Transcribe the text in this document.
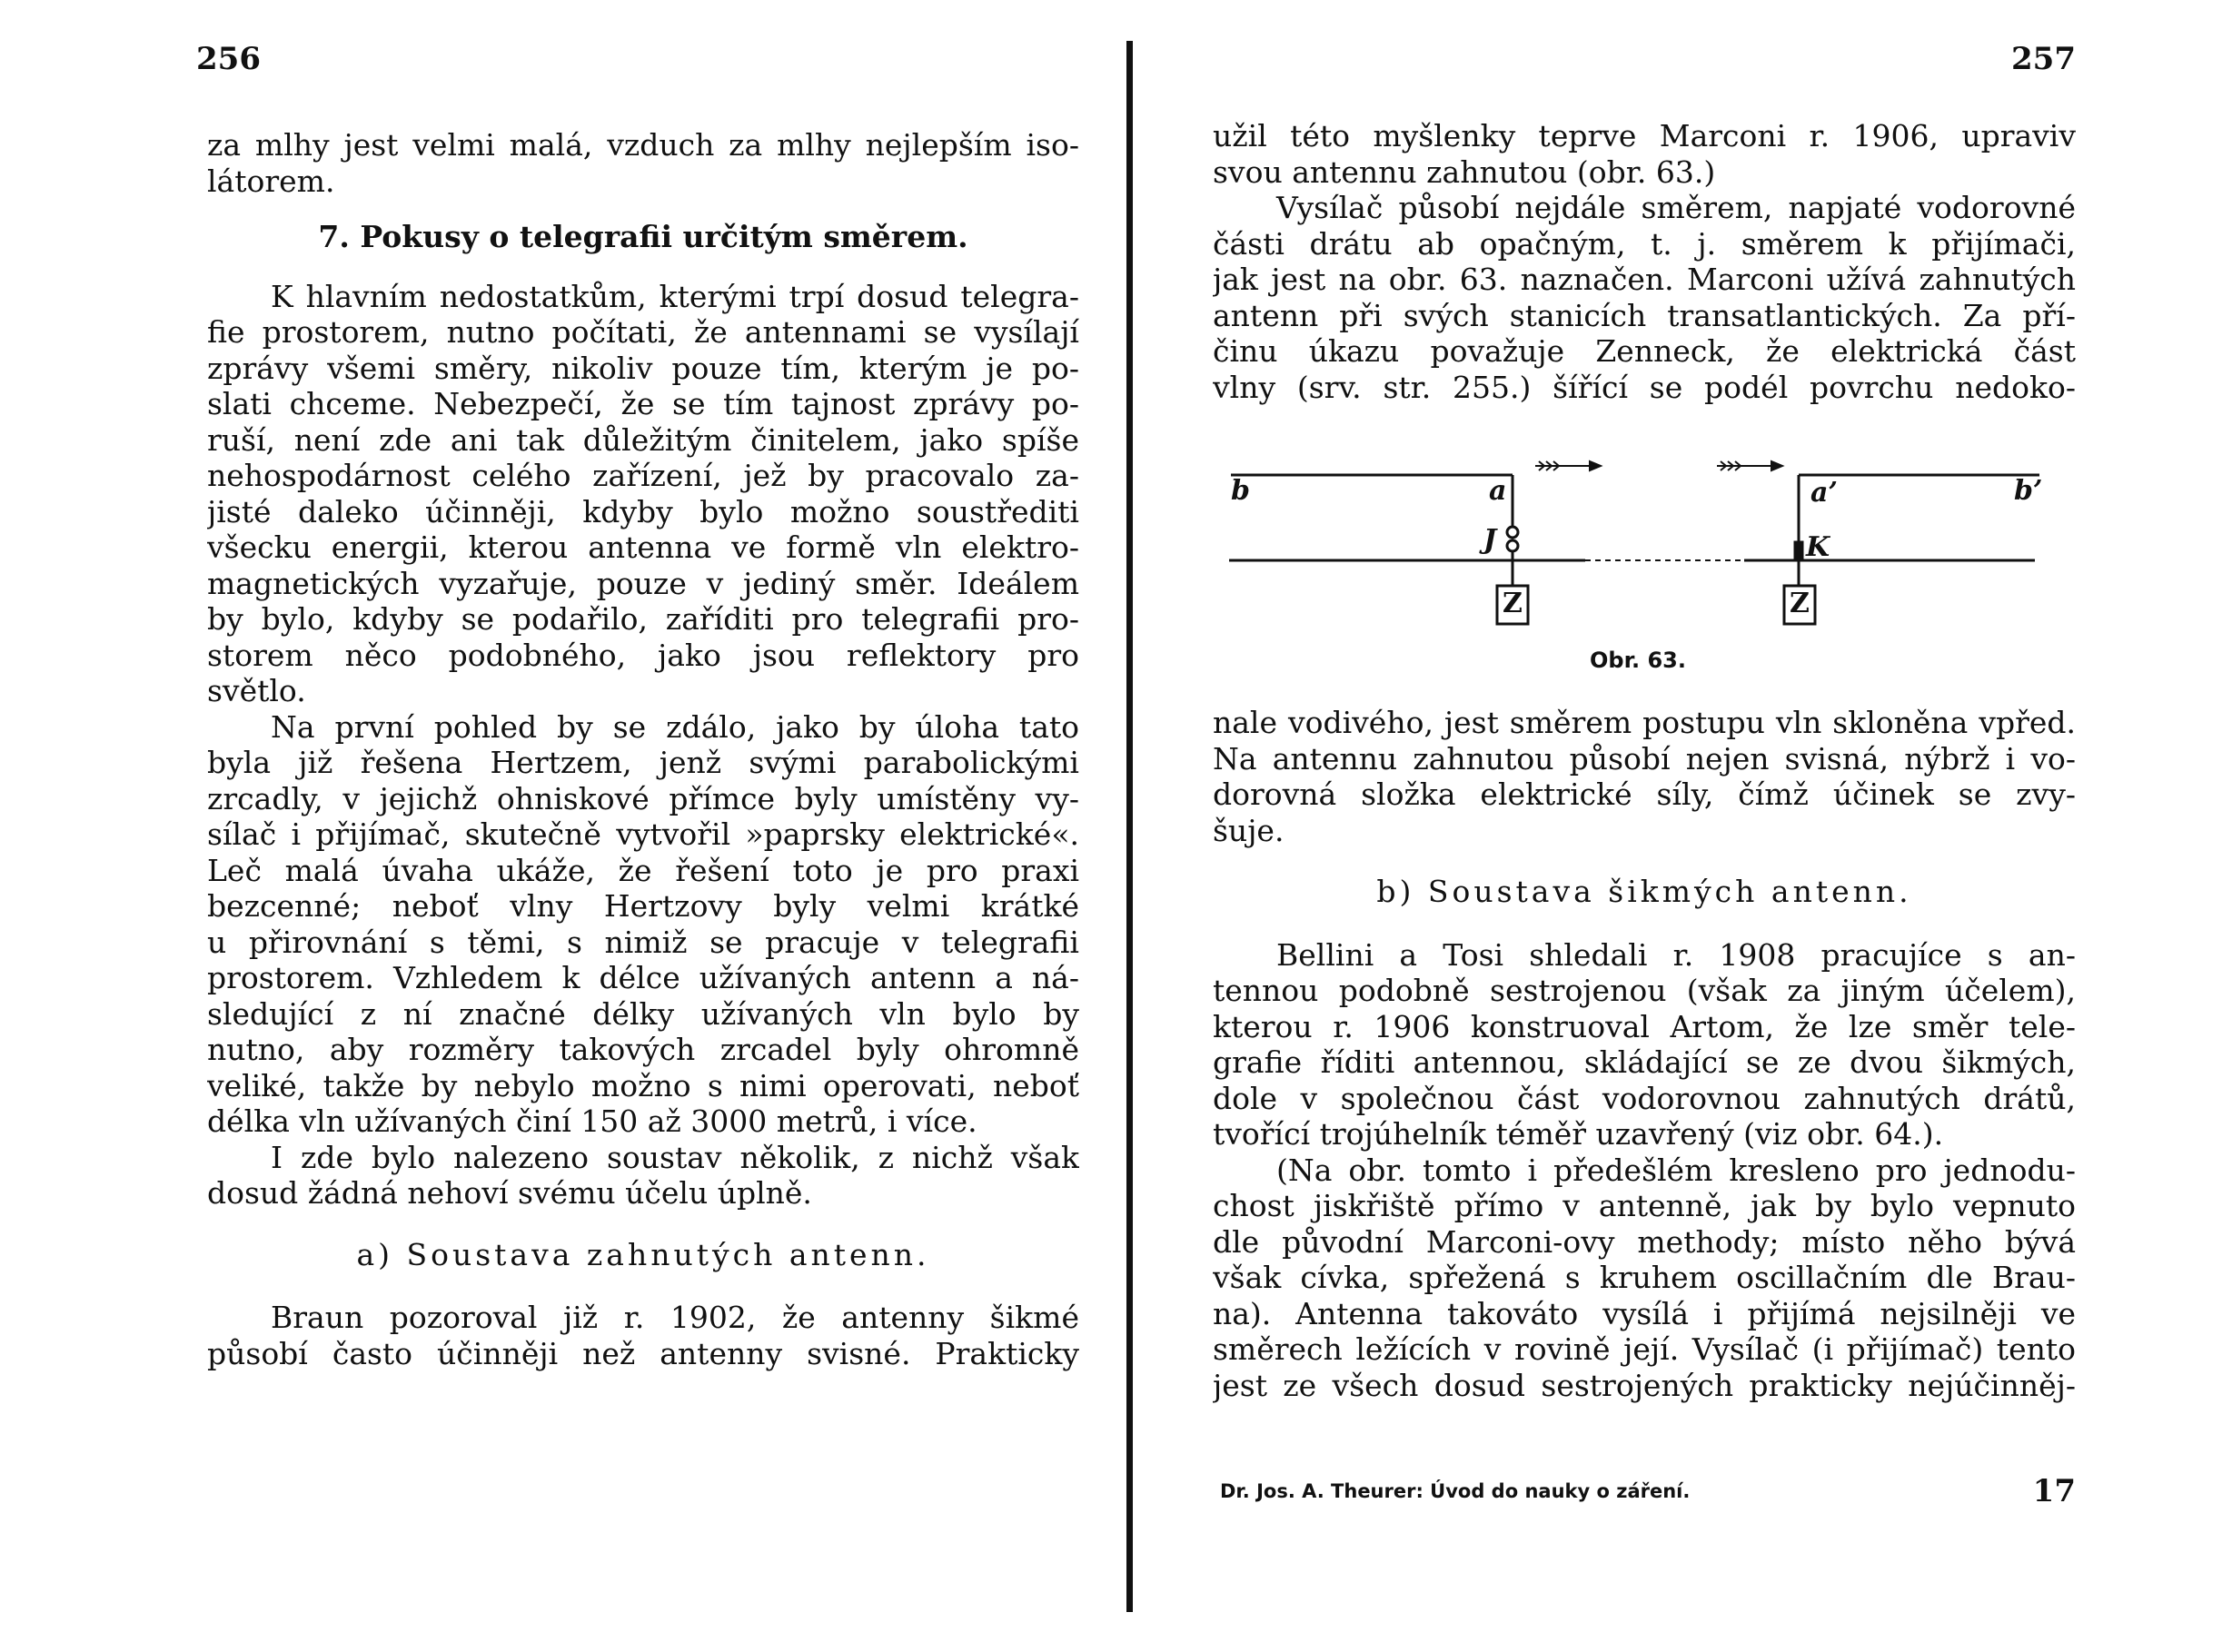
256
za mlhy jest velmi malá, vzduch za mlhy nejlepším iso-
látorem.
7. Pokusy o telegrafii určitým směrem.
K hlavním nedostatkům, kterými trpí dosud telegra-
fie prostorem, nutno počítati, že antennami se vysílají
zprávy všemi směry, nikoliv pouze tím, kterým je po-
slati chceme. Nebezpečí, že se tím tajnost zprávy po-
ruší, není zde ani tak důležitým činitelem, jako spíše
nehospodárnost celého zařízení, jež by pracovalo za-
jisté daleko účinněji, kdyby bylo možno soustřediti
všecku energii, kterou antenna ve formě vln elektro-
magnetických vyzařuje, pouze v jediný směr. Ideálem
by bylo, kdyby se podařilo, zaříditi pro telegrafii pro-
storem něco podobného, jako jsou reflektory pro
světlo.
Na první pohled by se zdálo, jako by úloha tato
byla již řešena Hertzem, jenž svými parabolickými
zrcadly, v jejichž ohniskové přímce byly umístěny vy-
sílač i přijímač, skutečně vytvořil »paprsky elektrické«.
Leč malá úvaha ukáže, že řešení toto je pro praxi
bezcenné; neboť vlny Hertzovy byly velmi krátké
u přirovnání s těmi, s nimiž se pracuje v telegrafii
prostorem. Vzhledem k délce užívaných antenn a ná-
sledující z ní značné délky užívaných vln bylo by
nutno, aby rozměry takových zrcadel byly ohromně
veliké, takže by nebylo možno s nimi operovati, neboť
délka vln užívaných činí 150 až 3000 metrů, i více.
I zde bylo nalezeno soustav několik, z nichž však
dosud žádná nehoví svému účelu úplně.
a) Soustava zahnutých antenn.
Braun pozoroval již r. 1902, že antenny šikmé
působí často účinněji než antenny svisné. Prakticky
257
užil této myšlenky teprve Marconi r. 1906, upraviv
svou antennu zahnutou (obr. 63.)
Vysílač působí nejdále směrem, napjaté vodorovné
části drátu ab opačným, t. j. směrem k přijímači,
jak jest na obr. 63. naznačen. Marconi užívá zahnutých
antenn při svých stanicích transatlantických. Za pří-
činu úkazu považuje Zenneck, že elektrická část
vlny (srv. str. 255.) šířící se podél povrchu nedoko-
nale vodivého, jest směrem postupu vln skloněna vpřed.
Na antennu zahnutou působí nejen svisná, nýbrž i vo-
dorovná složka elektrické síly, čímž účinek se zvy-
šuje.
b) Soustava šikmých antenn.
Bellini a Tosi shledali r. 1908 pracujíce s an-
tennou podobně sestrojenou (však za jiným účelem),
kterou r. 1906 konstruoval Artom, že lze směr tele-
grafie říditi antennou, skládající se ze dvou šikmých,
dole v společnou část vodorovnou zahnutých drátů,
tvořící trojúhelník téměř uzavřený (viz obr. 64.).
(Na obr. tomto i předešlém kresleno pro jednodu-
chost jiskřiště přímo v antenně, jak by bylo vepnuto
dle původní Marconi-ovy methody; místo něho bývá
však cívka, spřežená s kruhem oscillačním dle Brau-
na). Antenna takováto vysílá i přijímá nejsilněji ve
směrech ležících v rovině její. Vysílač (i přijímač) tento
jest ze všech dosud sestrojených prakticky nejúčinněj-
Dr. Jos. A. Theurer: Úvod do nauky o záření.	17
b	a
J
Z
a’	b’
K
Z
Obr. 63.
